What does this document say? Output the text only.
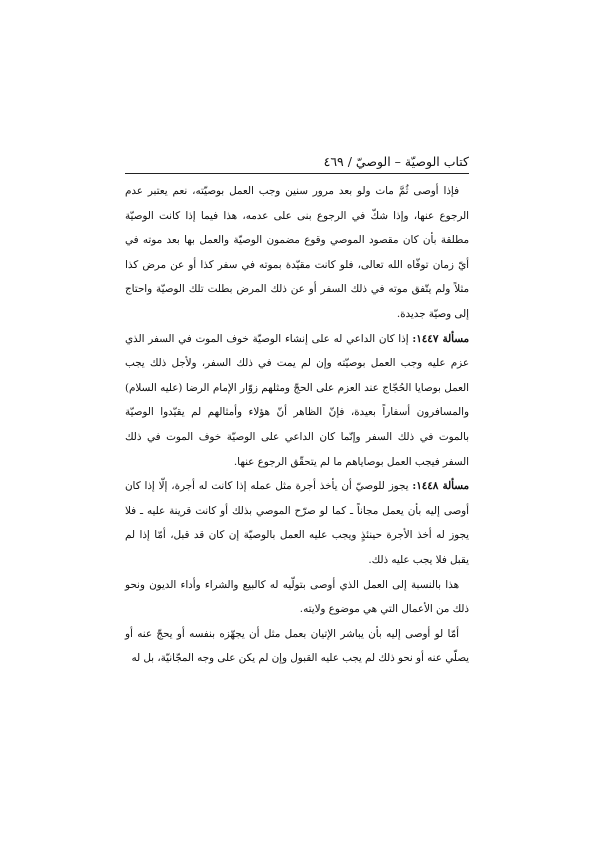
كتاب الوصيّة – الوصيّ / ٤٦٩

فإذا أوصى ثُمَّ مات ولو بعد مرور سنين وجب العمل بوصيّته، نعم يعتبر عدم الرجوع عنها، وإذا شكّ في الرجوع بنى على عدمه، هذا فيما إذا كانت الوصيّة مطلقة بأن كان مقصود الموصي وقوع مضمون الوصيّة والعمل بها بعد موته في أيّ زمان توفّاه الله تعالى، فلو كانت مقيّدة بموته في سفر كذا أو عن مرض كذا مثلاً ولم يتّفق موته في ذلك السفر أو عن ذلك المرض بطلت تلك الوصيّة واحتاج إلى وصيّة جديدة.

مسألة ١٤٤٧: إذا كان الداعي له على إنشاء الوصيّة خوف الموت في السفر الذي عزم عليه وجب العمل بوصيّته وإن لم يمت في ذلك السفر، ولأجل ذلك يجب العمل بوصايا الحُجّاج عند العزم على الحجّ ومثلهم زوّار الإمام الرضا (عليه السلام) والمسافرون أسفاراً بعيدة، فإنّ الظاهر أنّ هؤلاء وأمثالهم لم يقيّدوا الوصيّة بالموت في ذلك السفر وإنّما كان الداعي على الوصيّة خوف الموت في ذلك السفر فيجب العمل بوصاياهم ما لم يتحقّق الرجوع عنها.

مسألة ١٤٤٨: يجوز للوصيّ أن يأخذ أجرة مثل عمله إذا كانت له أجرة، إلّا إذا كان أوصى إليه بأن يعمل مجاناً ـ كما لو صرّح الموصي بذلك أو كانت قرينة عليه ـ فلا يجوز له أخذ الأجرة حينئذٍ ويجب عليه العمل بالوصيّة إن كان قد قبل، أمّا إذا لم يقبل فلا يجب عليه ذلك.

هذا بالنسبة إلى العمل الذي أوصى بتولّيه له كالبيع والشراء وأداء الديون ونحو ذلك من الأعمال التي هي موضوع ولايته.

أمّا لو أوصى إليه بأن يباشر الإتيان بعمل مثل أن يجهّزه بنفسه أو يحجّ عنه أو يصلّي عنه أو نحو ذلك لم يجب عليه القبول وإن لم يكن على وجه المجّانيّة، بل له
